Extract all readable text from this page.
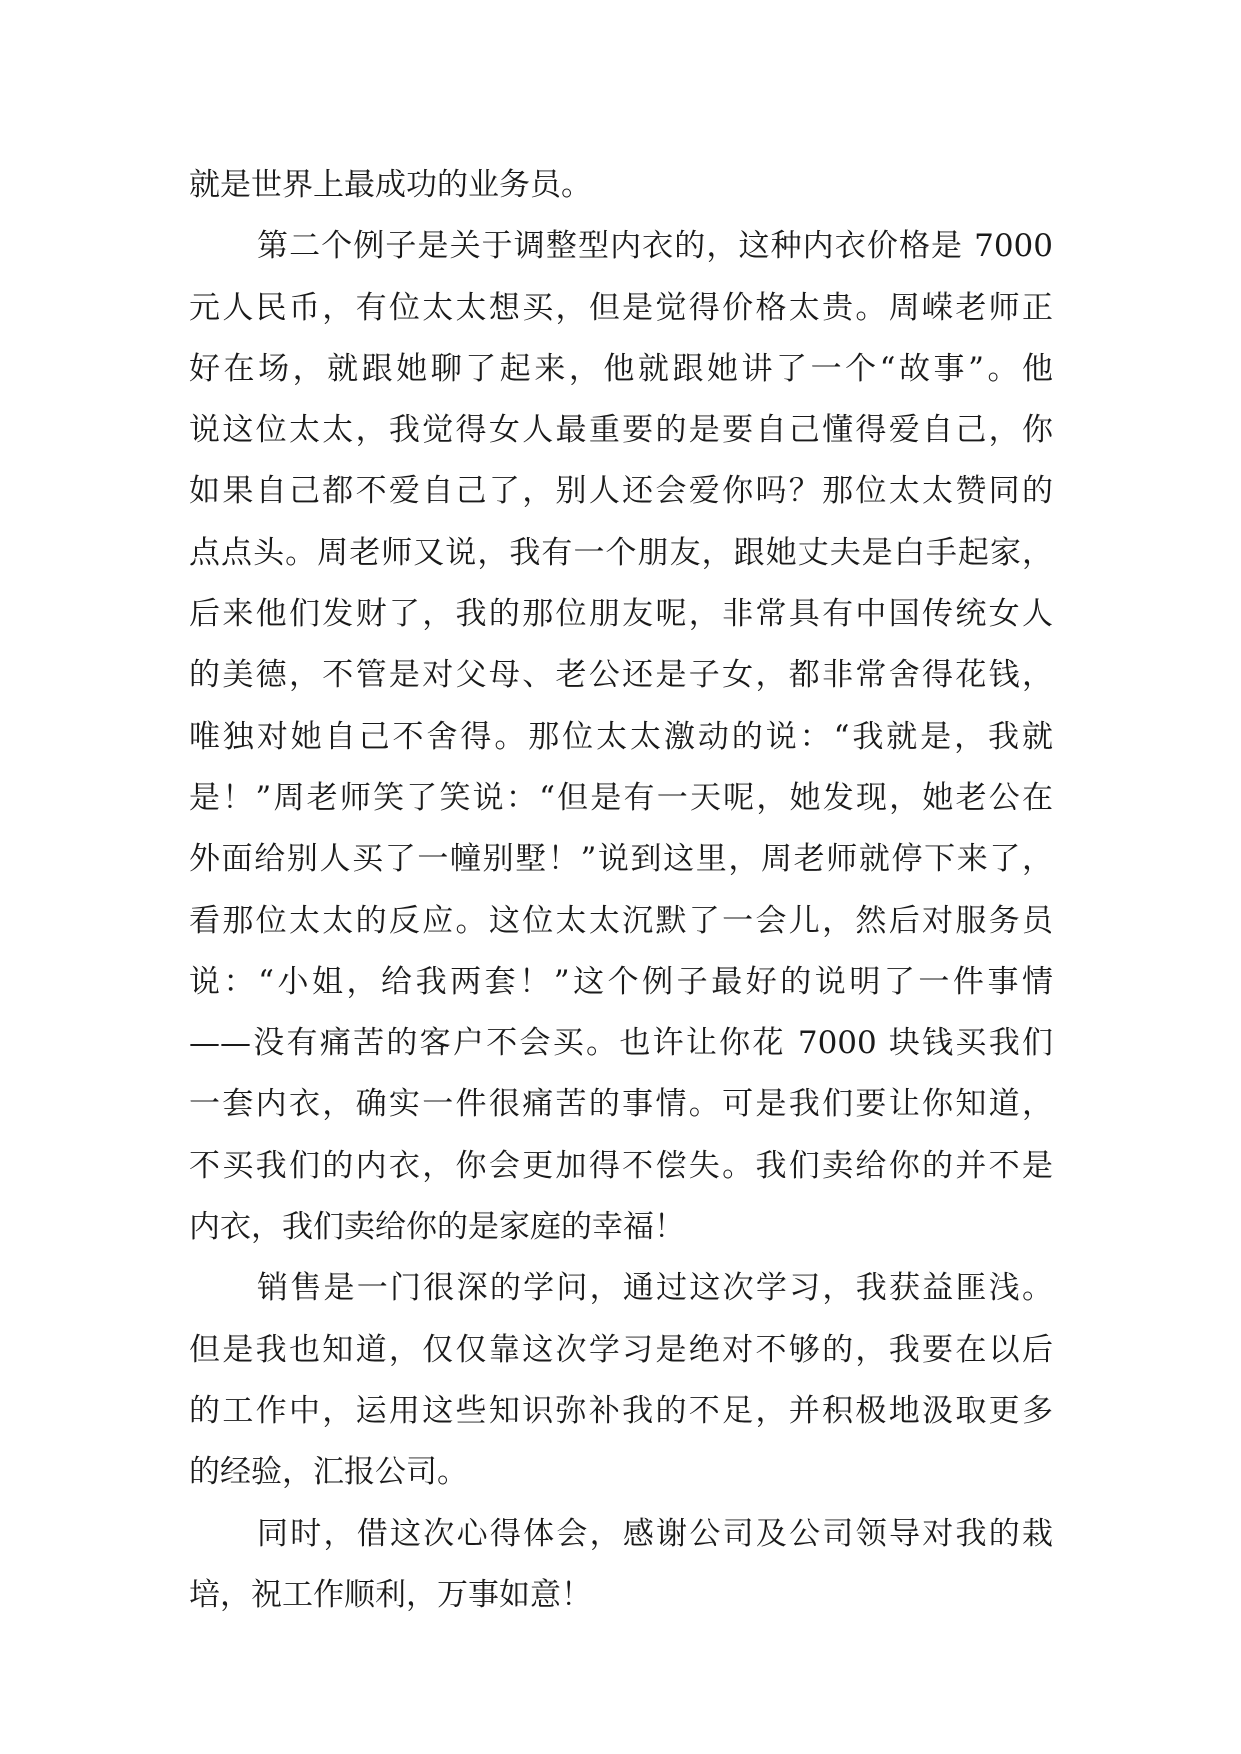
就是世界上最成功的业务员。
第二个例子是关于调整型内衣的，这种内衣价格是 7000
元人民币，有位太太想买，但是觉得价格太贵。周嵘老师正
好在场，就跟她聊了起来，他就跟她讲了一个“故事”。他
说这位太太，我觉得女人最重要的是要自己懂得爱自己，你
如果自己都不爱自己了，别人还会爱你吗？那位太太赞同的
点点头。周老师又说，我有一个朋友，跟她丈夫是白手起家，
后来他们发财了，我的那位朋友呢，非常具有中国传统女人
的美德，不管是对父母、老公还是子女，都非常舍得花钱，
唯独对她自己不舍得。那位太太激动的说：“我就是，我就
是！”周老师笑了笑说：“但是有一天呢，她发现，她老公在
外面给别人买了一幢别墅！”说到这里，周老师就停下来了，
看那位太太的反应。这位太太沉默了一会儿，然后对服务员
说：“小姐，给我两套！”这个例子最好的说明了一件事情
——没有痛苦的客户不会买。也许让你花 7000 块钱买我们
一套内衣，确实一件很痛苦的事情。可是我们要让你知道，
不买我们的内衣，你会更加得不偿失。我们卖给你的并不是
内衣，我们卖给你的是家庭的幸福！
销售是一门很深的学问，通过这次学习，我获益匪浅。
但是我也知道，仅仅靠这次学习是绝对不够的，我要在以后
的工作中，运用这些知识弥补我的不足，并积极地汲取更多
的经验，汇报公司。
同时，借这次心得体会，感谢公司及公司领导对我的栽
培，祝工作顺利，万事如意！
